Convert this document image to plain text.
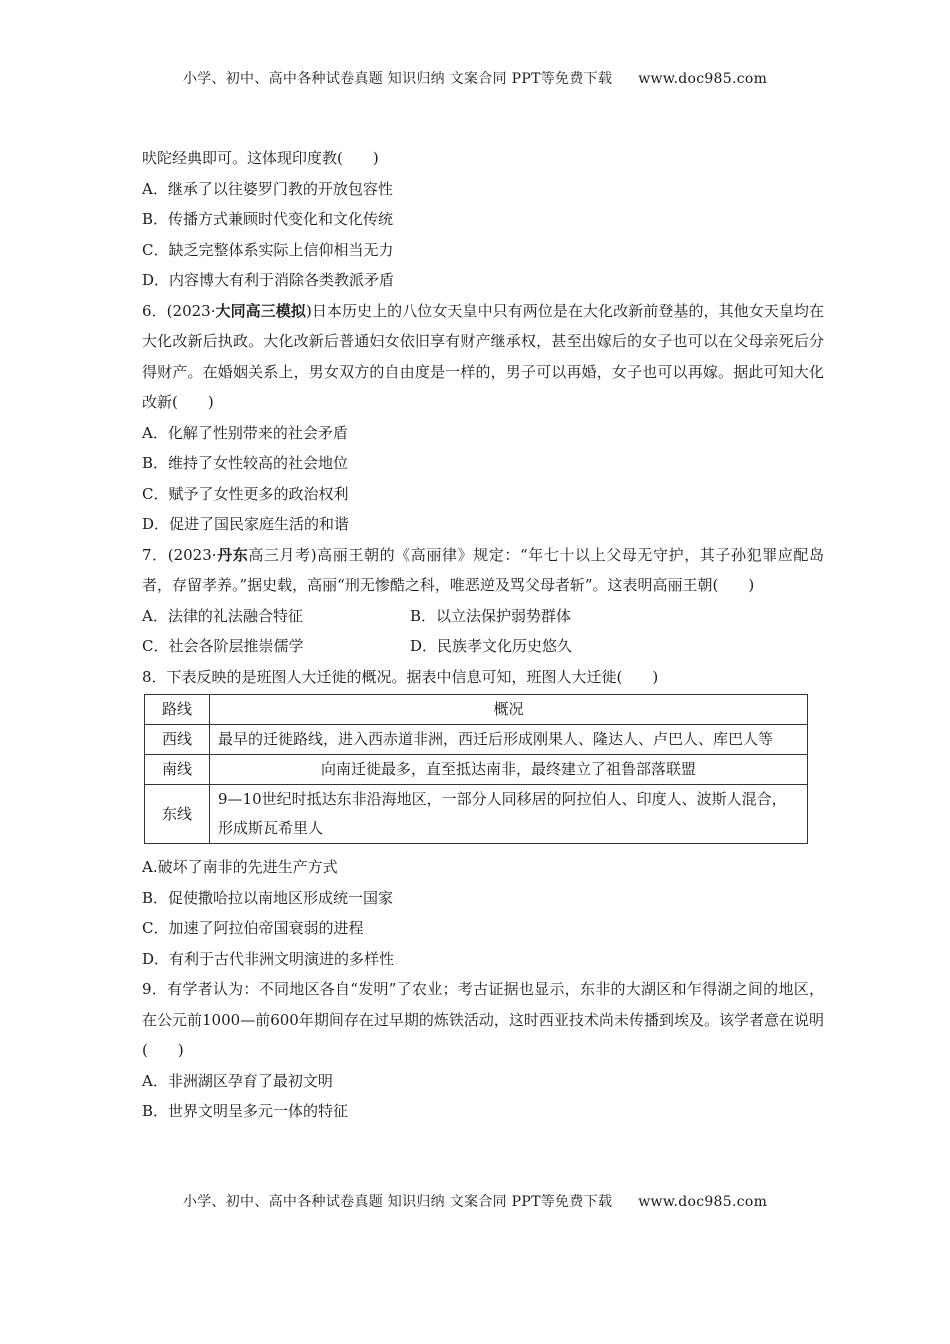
小学、初中、高中各种试卷真题 知识归纳 文案合同 PPT等免费下载 www.doc985.com
吠陀经典即可。这体现印度教(　　)
A．继承了以往婆罗门教的开放包容性
B．传播方式兼顾时代变化和文化传统
C．缺乏完整体系实际上信仰相当无力
D．内容博大有利于消除各类教派矛盾
6．(2023·大同高三模拟)日本历史上的八位女天皇中只有两位是在大化改新前登基的，其他女天皇均在大化改新后执政。大化改新后普通妇女依旧享有财产继承权，甚至出嫁后的女子也可以在父母亲死后分得财产。在婚姻关系上，男女双方的自由度是一样的，男子可以再婚，女子也可以再嫁。据此可知大化改新(　　)
A．化解了性别带来的社会矛盾
B．维持了女性较高的社会地位
C．赋予了女性更多的政治权利
D．促进了国民家庭生活的和谐
7．(2023·丹东高三月考)高丽王朝的《高丽律》规定：“年七十以上父母无守护，其子孙犯罪应配岛者，存留孝养。”据史载，高丽“刑无惨酷之科，唯恶逆及骂父母者斩”。这表明高丽王朝(　　)
A．法律的礼法融合特征	B．以立法保护弱势群体
C．社会各阶层推崇儒学	D．民族孝文化历史悠久
8．下表反映的是班图人大迁徙的概况。据表中信息可知，班图人大迁徙(　　)
路线	概况
西线	最早的迁徙路线，进入西赤道非洲，西迁后形成刚果人、隆达人、卢巴人、库巴人等
南线	向南迁徙最多，直至抵达南非，最终建立了祖鲁部落联盟
东线	9—10世纪时抵达东非沿海地区，一部分人同移居的阿拉伯人、印度人、波斯人混合，形成斯瓦希里人
A.破坏了南非的先进生产方式
B．促使撒哈拉以南地区形成统一国家
C．加速了阿拉伯帝国衰弱的进程
D．有利于古代非洲文明演进的多样性
9．有学者认为：不同地区各自“发明”了农业；考古证据也显示，东非的大湖区和乍得湖之间的地区，在公元前1000—前600年期间存在过早期的炼铁活动，这时西亚技术尚未传播到埃及。该学者意在说明(　　)
A．非洲湖区孕育了最初文明
B．世界文明呈多元一体的特征
小学、初中、高中各种试卷真题 知识归纳 文案合同 PPT等免费下载 www.doc985.com
